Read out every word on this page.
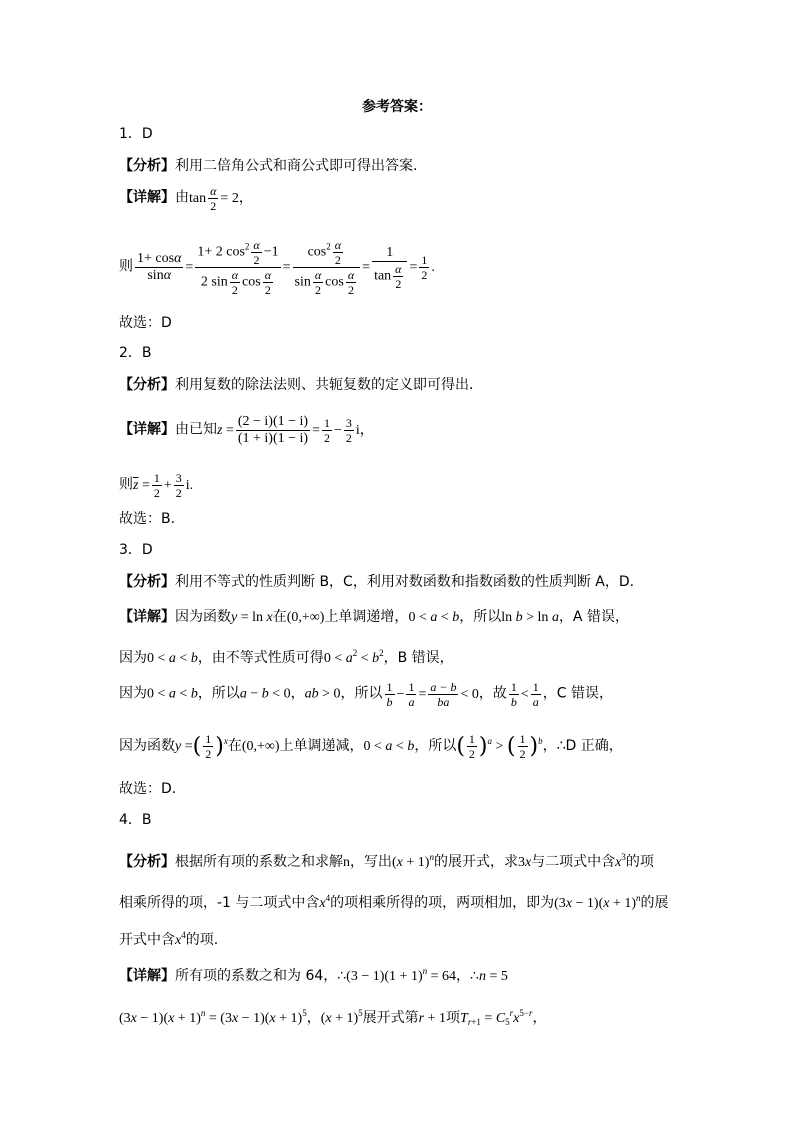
参考答案：
1．D
【分析】利用二倍角公式和商公式即可得出答案.
【详解】由$\tan \frac{\alpha}{2} = 2$，
则 $\frac{1+ \cos\alpha}{\sin\alpha} = \frac{1+ 2 \cos^2 \frac{\alpha}{2} -1}{2 \sin \frac{\alpha}{2} \cos \frac{\alpha}{2}} = \frac{\cos^2 \frac{\alpha}{2}}{\sin \frac{\alpha}{2} \cos \frac{\alpha}{2}} = \frac{1}{\tan \frac{\alpha}{2}} = \frac{1}{2}$ .
故选：D
2．B
【分析】利用复数的除法法则、共轭复数的定义即可得出．
【详解】由已知$z = \frac{(2 - i)(1 - i)}{(1 + i)(1 - i)} = \frac{1}{2} - \frac{3}{2}$ i，
则$\overline{z} = \frac{1}{2} + \frac{3}{2} i$.
故选：B.
3．D
【分析】利用不等式的性质判断 B，C，利用对数函数和指数函数的性质判断 A，D.
【详解】因为函数y = ln x在(0,+∞)上单调递增，0 < a < b，所以ln b > ln a，A 错误，
因为0 < a < b，由不等式性质可得$0 < a^2 < b^2$，B 错误，
因为0 < a < b，所以a − b < 0，ab > 0，所以 $\frac{1}{b} - \frac{1}{a} = \frac{a - b}{ba} < 0$，故 $\frac{1}{b} < \frac{1}{a}$ ，C 错误，
因为函数y =( $\frac{1}{2} )^x$在(0,+∞)上单调递减，0 < a < b，所以( $\frac{1}{2} )^a$ > ( $\frac{1}{2} )^b$，∴D 正确，
故选：D.
4．B
【分析】根据所有项的系数之和求解n，写出$(x + 1)^n$的展开式，求3x与二项式中含$x^3$的项
相乘所得的项，-1 与二项式中含$x^4$的项相乘所得的项，两项相加，即为$(3x - 1)(x + 1)^n$的展
开式中含$x^4$的项.
【详解】所有项的系数之和为 64，∴(3 − $1)(1 + 1)^n = 64$，∴n = 5
$(3x - 1)(x + 1)^n = (3x - 1)(x + 1)^5$，$(x + 1)^5$展开式第r + 1项$T_{r+1} = C_5^rx^{5-r}$，
